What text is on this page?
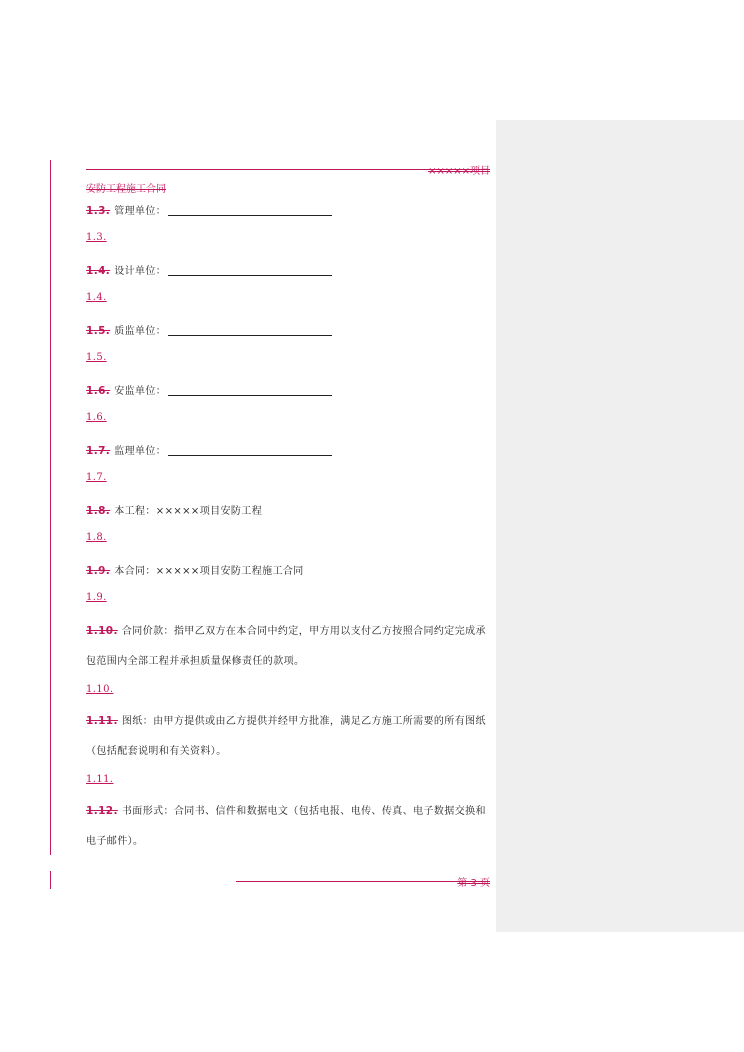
×××××项目
安防工程施工合同
1.3. 管理单位：
1.3.
1.4. 设计单位：
1.4.
1.5. 质监单位：
1.5.
1.6. 安监单位：
1.6.
1.7. 监理单位：
1.7.
1.8. 本工程：×××××项目安防工程
1.8.
1.9. 本合同：×××××项目安防工程施工合同
1.9.
1.10. 合同价款：指甲乙双方在本合同中约定，甲方用以支付乙方按照合同约定完成承包范围内全部工程并承担质量保修责任的款项。
1.10.
1.11. 图纸：由甲方提供或由乙方提供并经甲方批准，满足乙方施工所需要的所有图纸（包括配套说明和有关资料）。
1.11.
1.12. 书面形式：合同书、信件和数据电文（包括电报、电传、传真、电子数据交换和电子邮件）。
第 3 页
